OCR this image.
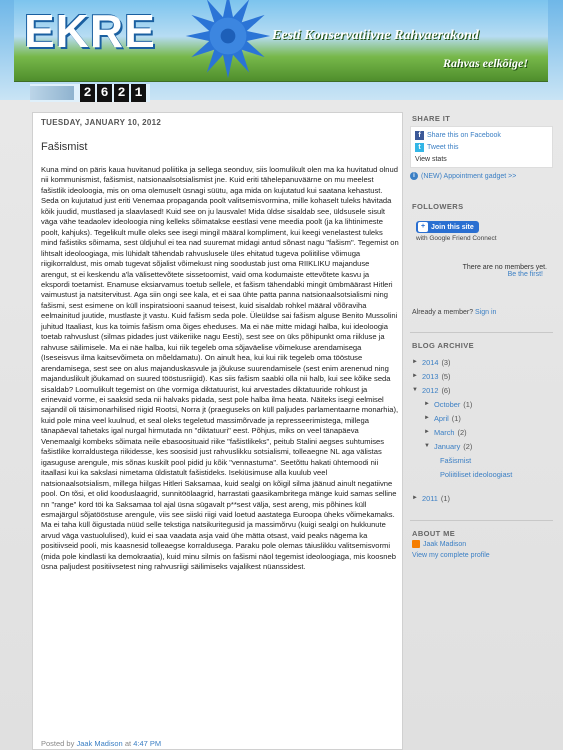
EKRE	Eesti Konservatiivne Rahvaerakond
Rahvas eelkõige!
2 6 2 1
TUESDAY, JANUARY 10, 2012
Fašismist
Kuna mind on päris kaua huvitanud poliitika ja sellega seonduv, siis loomulikult olen ma ka huvitatud olnud nii kommunismist, fašismist, natsionaalsotsialismist jne. Kuid eriti tähelepanuväärne on mu meelest fašistlik ideoloogia, mis on oma olemuselt üsnagi süütu, aga mida on kujutatud kui saatana kehastust. Seda on kujutatud just eriti Venemaa propaganda poolt valitsemisvormina, mille kohaselt tuleks hävitada kõik juudid, mustlased ja slaavlased! Kuid see on ju lausvale! Mida üldse sisaldab see, üldsusele sisult väga vähe teadaolev ideoloogia ning kelleks sõimatakse eestlasi vene meedia poolt (ja ka lihtinimeste poolt, kahjuks). Tegelikult mulle oleks see isegi mingil määral kompliment, kui keegi venelastest tuleks mind fašistiks sõimama, sest üldjuhul ei tea nad suuremat midagi antud sõnast nagu "fašism". Tegemist on lihtsalt ideoloogiaga, mis lühidalt tähendab rahvuslusele üles ehitatud tugeva poliitilise võimuga riigikorraldust, mis omab tugevat sõjalist võimekust ning soodustab just oma RIIKLIKU majanduse arengut, st ei keskendu a'la välisettevõtete sissetoomist, vaid oma kodumaiste ettevõtete kasvu ja ekspordi toetamist. Enamuse eksiarvamus toetub sellele, et fašism tähendabki mingit ümbmäärast Hitleri vaimustust ja natsitervitust. Aga siin ongi see kala, et ei saa ühte patta panna natsionaalsotsialismi ning fašismi, sest esimene on küll inspiratsiooni saanud teisest, kuid sisaldab rohkel määral võõraviha eelmainitud juutide, mustlaste jt vastu. Kuid fašism seda pole. Üleüldse sai fašism alguse Benito Mussolini juhitud Itaaliast, kus ka toimis fašism oma õiges eheduses. Ma ei näe mitte midagi halba, kui ideoloogia toetab rahvuslust (silmas pidades just väikeriike nagu Eesti), sest see on üks põhipunkt oma riikluse ja rahvuse säilimisele. Ma ei näe halba, kui riik tegeleb oma sõjaväelise võimekuse arendamisega (Iseseisvus ilma kaitsevõimeta on mõeldamatu). On ainult hea, kui kui riik tegeleb oma tööstuse arendamisega, sest see on alus majanduskasvule ja jõukuse suurendamisele (sest enim arenenud ning majanduslikult jõukamad on suured tööstusriigid). Kas siis fašism saabki olla nii halb, kui see kõike seda sisaldab? Loomulikult tegemist on ühe vormiga diktatuurist, kui arvestades diktatuuride rohkust ja erinevaid vorme, ei saaksid seda nii halvaks pidada, sest pole halba ilma heata. Näiteks isegi eelmisel sajandil oli täisimonarhilised riigid Rootsi, Norra jt (praeguseks on küll paljudes parlamentaarne monarhia), kuid pole mina veel kuulnud, et seal oleks tegeletud massimõrvade ja represseerimistega, millega tänapäeval tahetaks igal nurgal hirmutada nn "diktatuuri" eest. Põhjus, miks on veel tänapäeva Venemaalgi kombeks sõimata neile ebasoosituaid riike "fašistlikeks", peitub Stalini aegses suhtumises fašistlike korraldustega riikidesse, kes soosisid just rahvuslikku sotsialismi, tolleaegne NL aga välistas igasuguse arengule, mis sõnas kuskilt pool pidid ju kõik "vennastuma". Seetõttu hakati ühtemoodi nii itaallasi kui ka sakslasi nimetama üldistatult fašistideks. Isekiüsimuse alla kuulub veel natsionaalsotsialism, millega hiilgas Hitleri Saksamaa, kuid sealgi on kõigil silma jäänud ainult negatiivne pool. On tõsi, et olid kooduslaagrid, sunnitöölaagrid, harrastati gaasikambritega mänge kuid samas selline nn "range" kord töi ka Saksamaa tol ajal üsna sügavalt p**sest välja, sest areng, mis põhines küll esmajärgul sõjatööstuse arengule, viis see siiski riigi vaid loetud aastatega Euroopa üheks võimekamaks. Ma ei taha küll õigustada nüüd selle tekstiga natsikuritegusid ja massimõrvu (kuigi sealgi on hukkunute arvud väga vastuolulised), kuid ei saa vaadata asja vaid ühe mätta otsast, vaid peaks nägema ka positiivseid pooli, mis kaasnesid tolleaegse korraldusega. Paraku pole olemas täiuslikku valitsemisvormi (mida pole kindlasti ka demokraatia), kuid minu silmis on fašismi näol tegemist ideoloogiaga, mis koosneb üsna paljudest positiivsetest ning rahvusriigi säilimiseks vajalikest nüanssidest.
Posted by Jaak Madison at 4:47 PM
SHARE IT
f Share this on Facebook
t Tweet this
View stats
i (NEW) Appointment gadget >>
FOLLOWERS
+ Join this site
with Google Friend Connect
There are no members yet.
Be the first!
Already a member? Sign in
BLOG ARCHIVE
► 2014 (3)
► 2013 (5)
▼ 2012 (6)
► October (1)
► April (1)
► March (2)
▼ January (2)
Fašismist
Poliitiliset ideoloogiast
► 2011 (1)
ABOUT ME
Jaak Madison
View my complete profile
